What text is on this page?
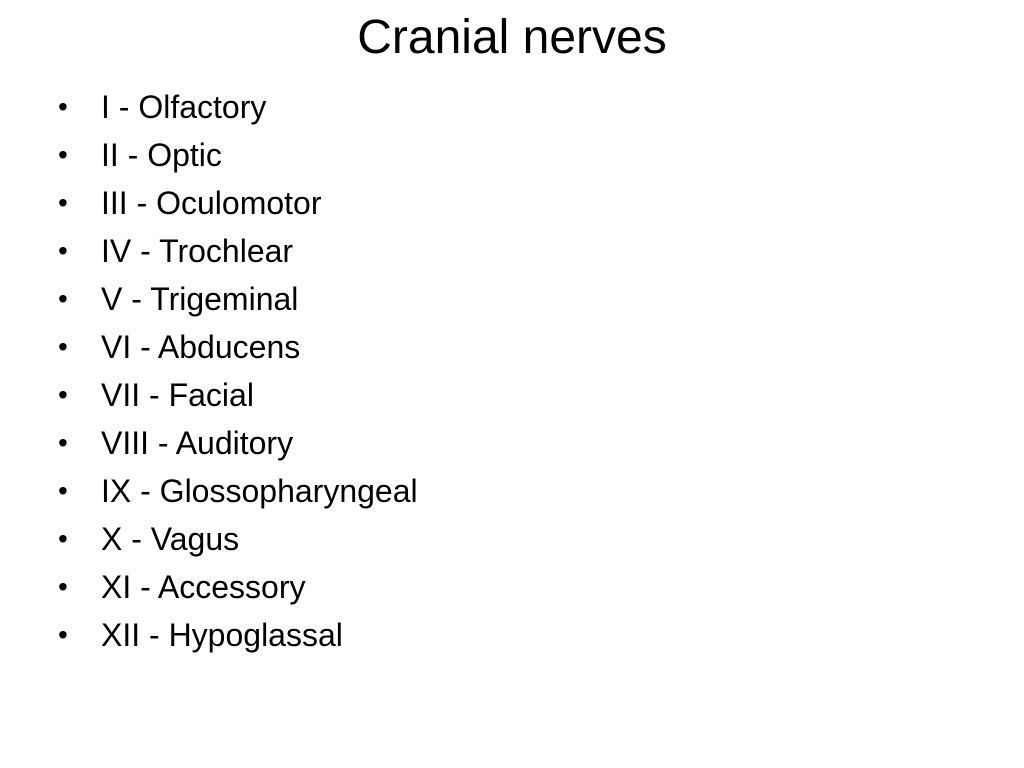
Cranial nerves
•	I - Olfactory
•	II - Optic
•	III - Oculomotor
•	IV - Trochlear
•	V - Trigeminal
•	VI - Abducens
•	VII - Facial
•	VIII - Auditory
•	IX - Glossopharyngeal
•	X - Vagus
•	XI - Accessory
•	XII - Hypoglassal
